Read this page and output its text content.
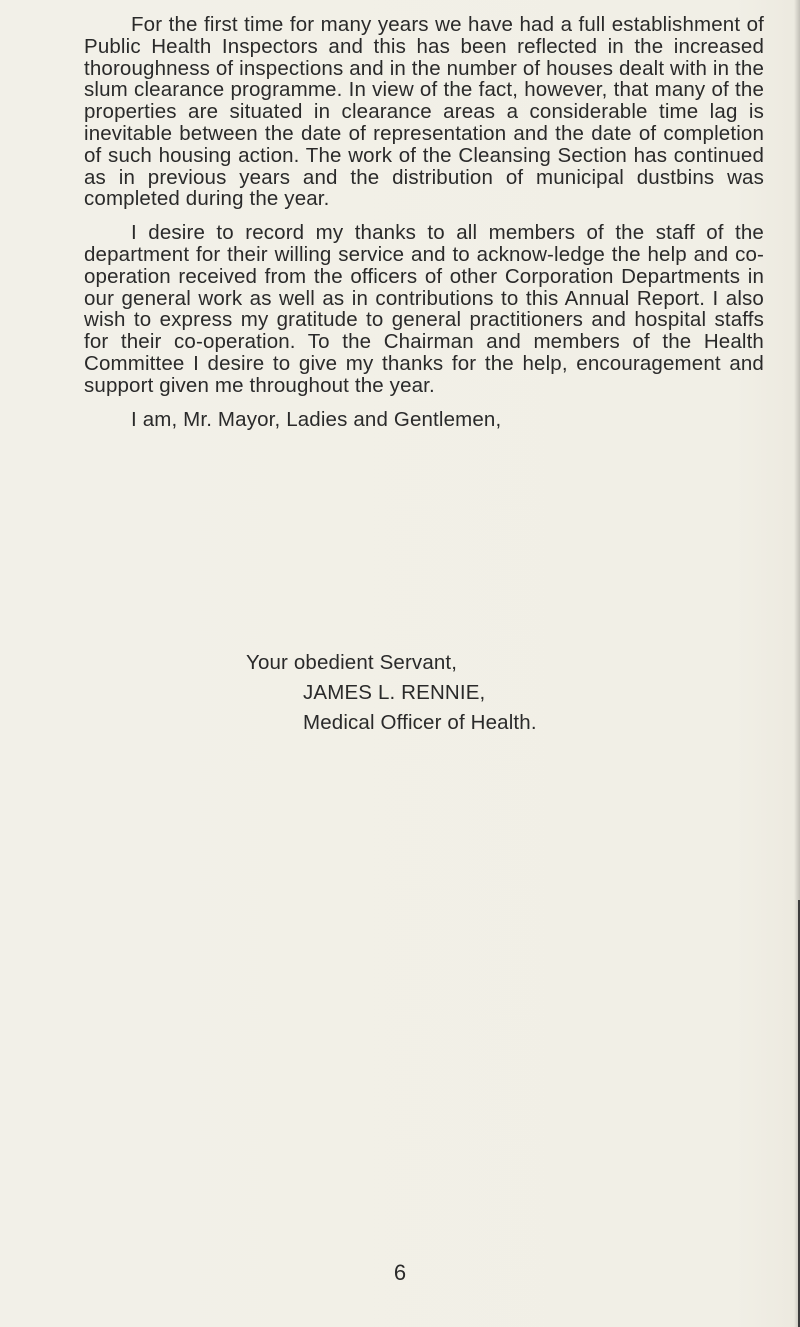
For the first time for many years we have had a full establishment of Public Health Inspectors and this has been reflected in the increased thoroughness of inspections and in the number of houses dealt with in the slum clearance programme. In view of the fact, however, that many of the properties are situated in clearance areas a considerable time lag is inevitable between the date of representation and the date of completion of such housing action. The work of the Cleansing Section has continued as in previous years and the distribution of municipal dustbins was completed during the year.

I desire to record my thanks to all members of the staff of the department for their willing service and to acknow-ledge the help and co-operation received from the officers of other Corporation Departments in our general work as well as in contributions to this Annual Report. I also wish to express my gratitude to general practitioners and hospital staffs for their co-operation. To the Chairman and members of the Health Committee I desire to give my thanks for the help, encouragement and support given me throughout the year.

I am, Mr. Mayor, Ladies and Gentlemen,

Your obedient Servant,
JAMES L. RENNIE,
Medical Officer of Health.
6
